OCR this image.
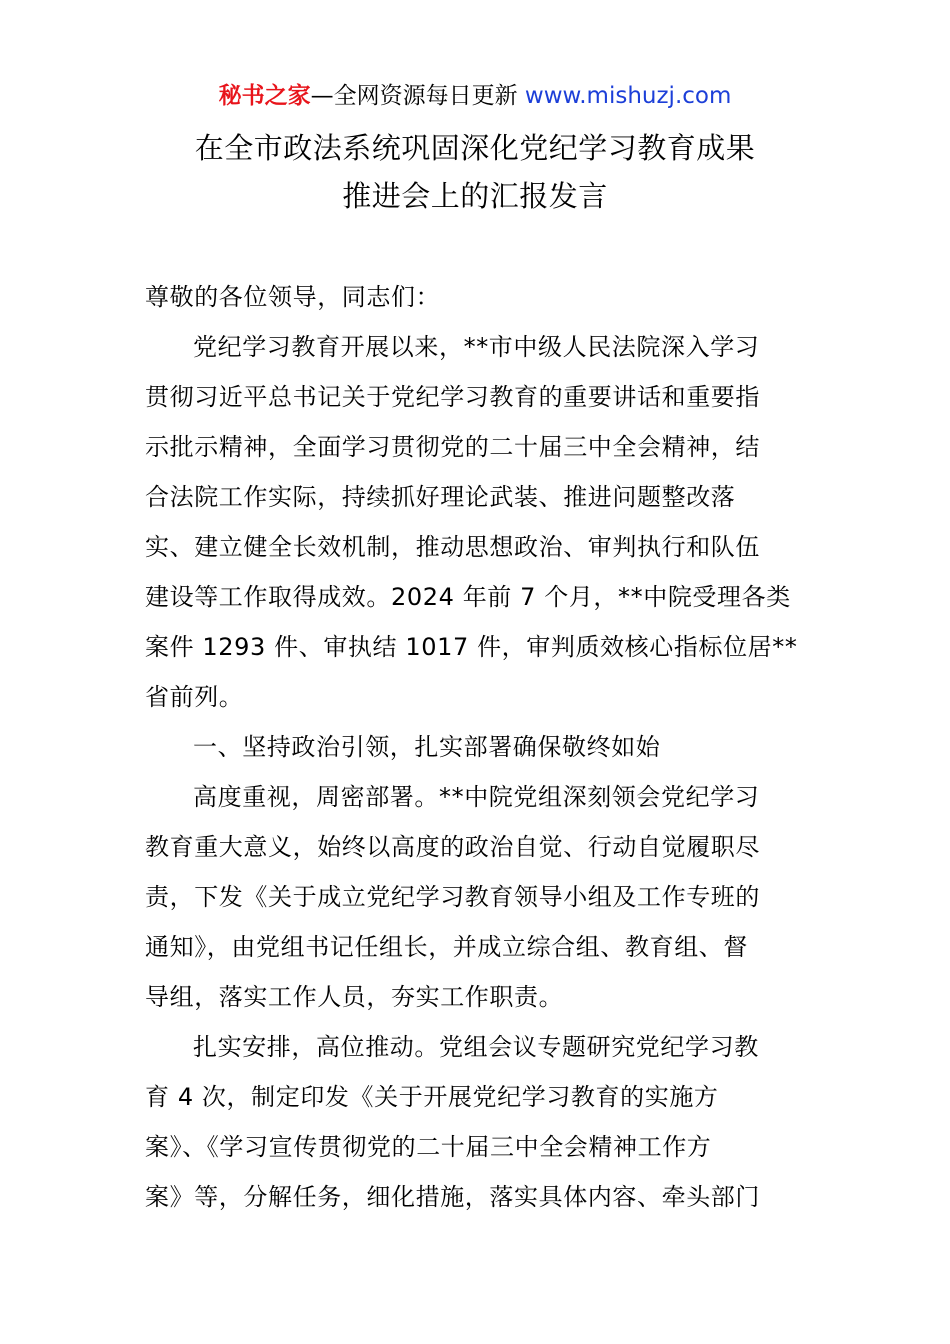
秘书之家—全网资源每日更新 www.mishuzj.com
在全市政法系统巩固深化党纪学习教育成果
推进会上的汇报发言
尊敬的各位领导，同志们：
党纪学习教育开展以来，**市中级人民法院深入学习
贯彻习近平总书记关于党纪学习教育的重要讲话和重要指
示批示精神，全面学习贯彻党的二十届三中全会精神，结
合法院工作实际，持续抓好理论武装、推进问题整改落
实、建立健全长效机制，推动思想政治、审判执行和队伍
建设等工作取得成效。2024 年前 7 个月，**中院受理各类
案件 1293 件、审执结 1017 件，审判质效核心指标位居**
省前列。
一、坚持政治引领，扎实部署确保敬终如始
高度重视，周密部署。**中院党组深刻领会党纪学习
教育重大意义，始终以高度的政治自觉、行动自觉履职尽
责，下发《关于成立党纪学习教育领导小组及工作专班的
通知》，由党组书记任组长，并成立综合组、教育组、督
导组，落实工作人员，夯实工作职责。
扎实安排，高位推动。党组会议专题研究党纪学习教
育 4 次，制定印发《关于开展党纪学习教育的实施方
案》、《学习宣传贯彻党的二十届三中全会精神工作方
案》等，分解任务，细化措施，落实具体内容、牵头部门
